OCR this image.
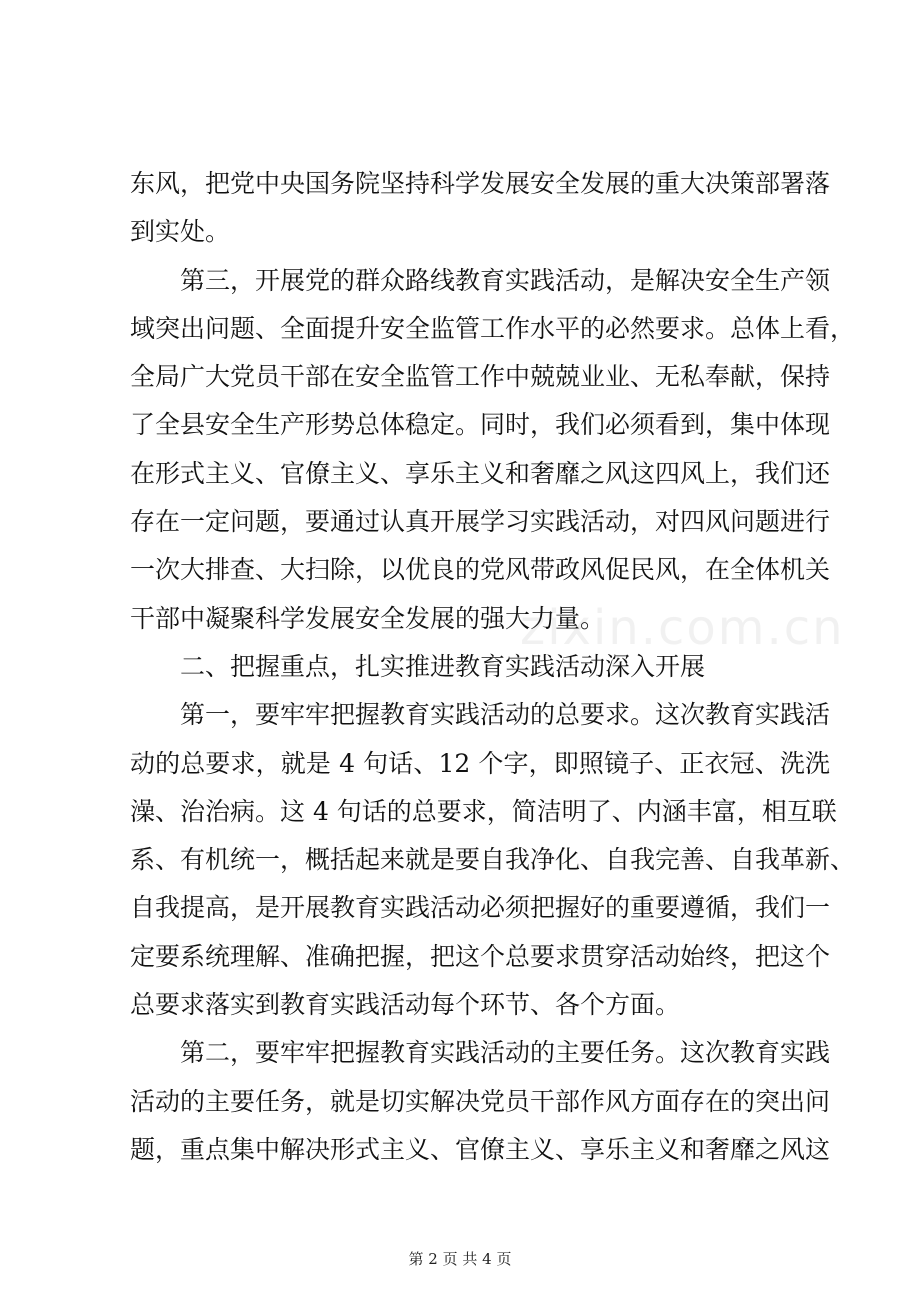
东风，把党中央国务院坚持科学发展安全发展的重大决策部署落
到实处。
　　第三，开展党的群众路线教育实践活动，是解决安全生产领
域突出问题、全面提升安全监管工作水平的必然要求。总体上看，
全局广大党员干部在安全监管工作中兢兢业业、无私奉献，保持
了全县安全生产形势总体稳定。同时，我们必须看到，集中体现
在形式主义、官僚主义、享乐主义和奢靡之风这四风上，我们还
存在一定问题，要通过认真开展学习实践活动，对四风问题进行
一次大排查、大扫除，以优良的党风带政风促民风，在全体机关
干部中凝聚科学发展安全发展的强大力量。
　　二、把握重点，扎实推进教育实践活动深入开展
　　第一，要牢牢把握教育实践活动的总要求。这次教育实践活
动的总要求，就是 4 句话、12 个字，即照镜子、正衣冠、洗洗
澡、治治病。这 4 句话的总要求，简洁明了、内涵丰富，相互联
系、有机统一，概括起来就是要自我净化、自我完善、自我革新、
自我提高，是开展教育实践活动必须把握好的重要遵循，我们一
定要系统理解、准确把握，把这个总要求贯穿活动始终，把这个
总要求落实到教育实践活动每个环节、各个方面。
　　第二，要牢牢把握教育实践活动的主要任务。这次教育实践
活动的主要任务，就是切实解决党员干部作风方面存在的突出问
题，重点集中解决形式主义、官僚主义、享乐主义和奢靡之风这
zixin.com.cn
第 2 页 共 4 页
